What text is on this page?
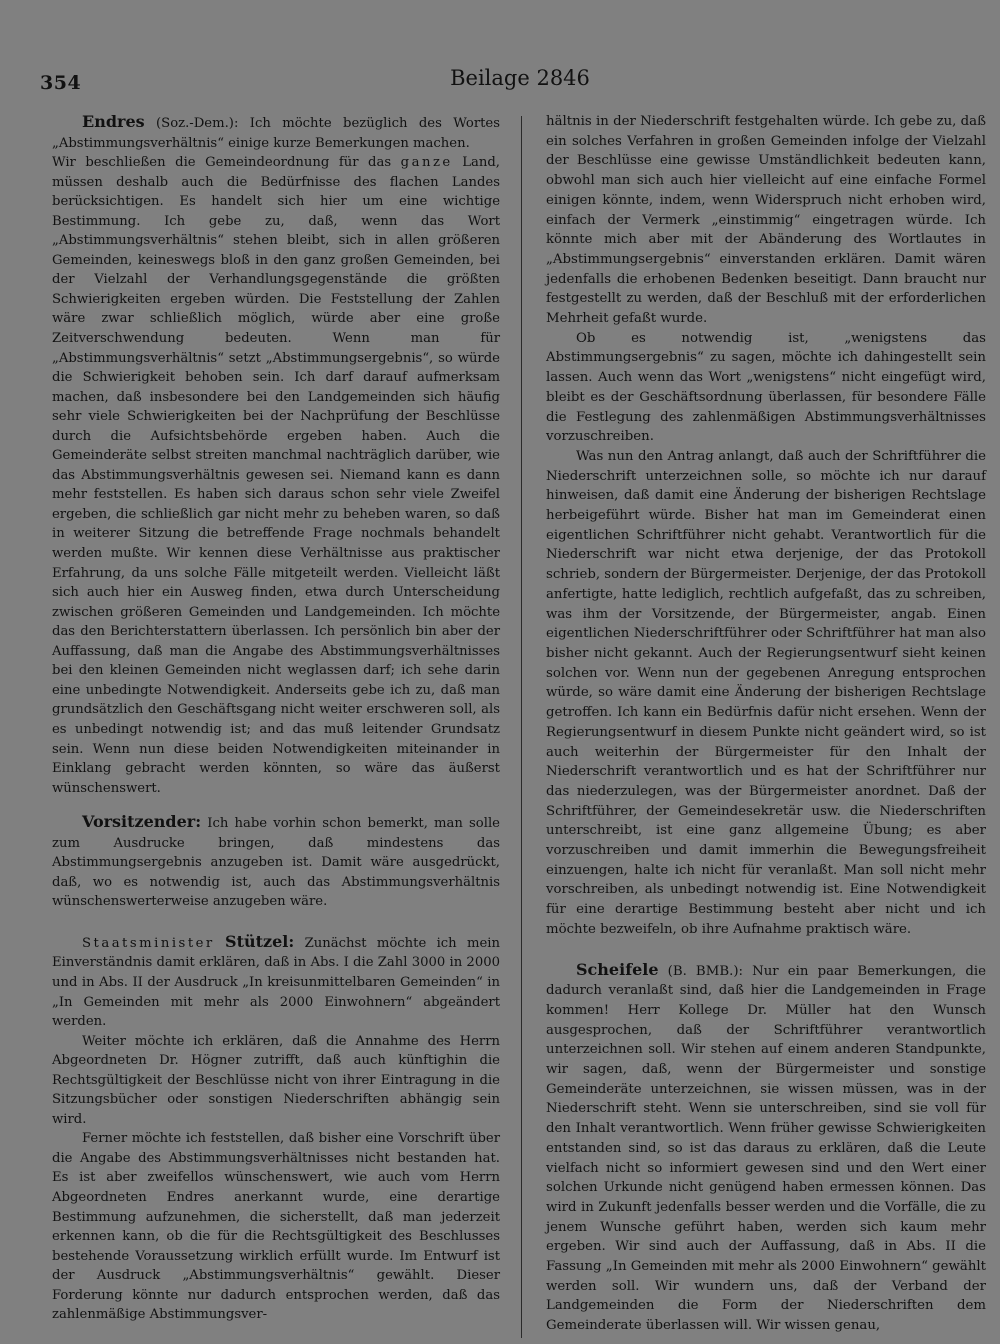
354	Beilage 2846

Endres (Soz.-Dem.): Ich möchte bezüglich des Wortes „Abstimmungsverhältnis“ einige kurze Bemerkungen machen.

Wir beschließen die Gemeindeordnung für das ganze Land, müssen deshalb auch die Bedürfnisse des flachen Landes berücksichtigen. Es handelt sich hier um eine wichtige Bestimmung. Ich gebe zu, daß, wenn das Wort „Abstimmungsverhältnis“ stehen bleibt, sich in allen größeren Gemeinden, keineswegs bloß in den ganz großen Gemeinden, bei der Vielzahl der Verhandlungsgegenstände die größten Schwierigkeiten ergeben würden. Die Feststellung der Zahlen wäre zwar schließlich möglich, würde aber eine große Zeitverschwendung bedeuten. Wenn man für „Abstimmungsverhältnis“ setzt „Abstimmungsergebnis“, so würde die Schwierigkeit behoben sein. Ich darf darauf aufmerksam machen, daß insbesondere bei den Landgemeinden sich häufig sehr viele Schwierigkeiten bei der Nachprüfung der Beschlüsse durch die Aufsichtsbehörde ergeben haben. Auch die Gemeinderäte selbst streiten manchmal nachträglich darüber, wie das Abstimmungsverhältnis gewesen sei. Niemand kann es dann mehr feststellen. Es haben sich daraus schon sehr viele Zweifel ergeben, die schließlich gar nicht mehr zu beheben waren, so daß in weiterer Sitzung die betreffende Frage nochmals behandelt werden mußte. Wir kennen diese Verhältnisse aus praktischer Erfahrung, da uns solche Fälle mitgeteilt werden. Vielleicht läßt sich auch hier ein Ausweg finden, etwa durch Unterscheidung zwischen größeren Gemeinden und Landgemeinden. Ich möchte das den Berichterstattern überlassen. Ich persönlich bin aber der Auffassung, daß man die Angabe des Abstimmungsverhältnisses bei den kleinen Gemeinden nicht weglassen darf; ich sehe darin eine unbedingte Notwendigkeit. Anderseits gebe ich zu, daß man grundsätzlich den Geschäftsgang nicht weiter erschweren soll, als es unbedingt notwendig ist; and das muß leitender Grundsatz sein. Wenn nun diese beiden Notwendigkeiten miteinander in Einklang gebracht werden könnten, so wäre das äußerst wünschenswert.

Vorsitzender: Ich habe vorhin schon bemerkt, man solle zum Ausdrucke bringen, daß mindestens das Abstimmungsergebnis anzugeben ist. Damit wäre ausgedrückt, daß, wo es notwendig ist, auch das Abstimmungsverhältnis wünschenswerterweise anzugeben wäre.

Staatsminister Stützel: Zunächst möchte ich mein Einverständnis damit erklären, daß in Abs. I die Zahl 3000 in 2000 und in Abs. II der Ausdruck „In kreisunmittelbaren Gemeinden“ in „In Gemeinden mit mehr als 2000 Einwohnern“ abgeändert werden.

Weiter möchte ich erklären, daß die Annahme des Herrn Abgeordneten Dr. Högner zutrifft, daß auch künftighin die Rechtsgültigkeit der Beschlüsse nicht von ihrer Eintragung in die Sitzungsbücher oder sonstigen Niederschriften abhängig sein wird.

Ferner möchte ich feststellen, daß bisher eine Vorschrift über die Angabe des Abstimmungsverhältnisses nicht bestanden hat. Es ist aber zweifellos wünschenswert, wie auch vom Herrn Abgeordneten Endres anerkannt wurde, eine derartige Bestimmung aufzunehmen, die sicherstellt, daß man jederzeit erkennen kann, ob die für die Rechtsgültigkeit des Beschlusses bestehende Voraussetzung wirklich erfüllt wurde. Im Entwurf ist der Ausdruck „Abstimmungsverhältnis“ gewählt. Dieser Forderung könnte nur dadurch entsprochen werden, daß das zahlenmäßige Abstimmungsver-

hältnis in der Niederschrift festgehalten würde. Ich gebe zu, daß ein solches Verfahren in großen Gemeinden infolge der Vielzahl der Beschlüsse eine gewisse Umständlichkeit bedeuten kann, obwohl man sich auch hier vielleicht auf eine einfache Formel einigen könnte, indem, wenn Widerspruch nicht erhoben wird, einfach der Vermerk „einstimmig“ eingetragen würde. Ich könnte mich aber mit der Abänderung des Wortlautes in „Abstimmungsergebnis“ einverstanden erklären. Damit wären jedenfalls die erhobenen Bedenken beseitigt. Dann braucht nur festgestellt zu werden, daß der Beschluß mit der erforderlichen Mehrheit gefaßt wurde.

Ob es notwendig ist, „wenigstens das Abstimmungsergebnis“ zu sagen, möchte ich dahingestellt sein lassen. Auch wenn das Wort „wenigstens“ nicht eingefügt wird, bleibt es der Geschäftsordnung überlassen, für besondere Fälle die Festlegung des zahlenmäßigen Abstimmungsverhältnisses vorzuschreiben.

Was nun den Antrag anlangt, daß auch der Schriftführer die Niederschrift unterzeichnen solle, so möchte ich nur darauf hinweisen, daß damit eine Änderung der bisherigen Rechtslage herbeigeführt würde. Bisher hat man im Gemeinderat einen eigentlichen Schriftführer nicht gehabt. Verantwortlich für die Niederschrift war nicht etwa derjenige, der das Protokoll schrieb, sondern der Bürgermeister. Derjenige, der das Protokoll anfertigte, hatte lediglich, rechtlich aufgefaßt, das zu schreiben, was ihm der Vorsitzende, der Bürgermeister, angab. Einen eigentlichen Niederschriftführer oder Schriftführer hat man also bisher nicht gekannt. Auch der Regierungsentwurf sieht keinen solchen vor. Wenn nun der gegebenen Anregung entsprochen würde, so wäre damit eine Änderung der bisherigen Rechtslage getroffen. Ich kann ein Bedürfnis dafür nicht ersehen. Wenn der Regierungsentwurf in diesem Punkte nicht geändert wird, so ist auch weiterhin der Bürgermeister für den Inhalt der Niederschrift verantwortlich und es hat der Schriftführer nur das niederzulegen, was der Bürgermeister anordnet. Daß der Schriftführer, der Gemeindesekretär usw. die Niederschriften unterschreibt, ist eine ganz allgemeine Übung; es aber vorzuschreiben und damit immerhin die Bewegungsfreiheit einzuengen, halte ich nicht für veranlaßt. Man soll nicht mehr vorschreiben, als unbedingt notwendig ist. Eine Notwendigkeit für eine derartige Bestimmung besteht aber nicht und ich möchte bezweifeln, ob ihre Aufnahme praktisch wäre.

Scheifele (B. BMB.): Nur ein paar Bemerkungen, die dadurch veranlaßt sind, daß hier die Landgemeinden in Frage kommen! Herr Kollege Dr. Müller hat den Wunsch ausgesprochen, daß der Schriftführer verantwortlich unterzeichnen soll. Wir stehen auf einem anderen Standpunkte, wir sagen, daß, wenn der Bürgermeister und sonstige Gemeinderäte unterzeichnen, sie wissen müssen, was in der Niederschrift steht. Wenn sie unterschreiben, sind sie voll für den Inhalt verantwortlich. Wenn früher gewisse Schwierigkeiten entstanden sind, so ist das daraus zu erklären, daß die Leute vielfach nicht so informiert gewesen sind und den Wert einer solchen Urkunde nicht genügend haben ermessen können. Das wird in Zukunft jedenfalls besser werden und die Vorfälle, die zu jenem Wunsche geführt haben, werden sich kaum mehr ergeben. Wir sind auch der Auffassung, daß in Abs. II die Fassung „In Gemeinden mit mehr als 2000 Einwohnern“ gewählt werden soll. Wir wundern uns, daß der Verband der Landgemeinden die Form der Niederschriften dem Gemeinderate überlassen will. Wir wissen genau,
